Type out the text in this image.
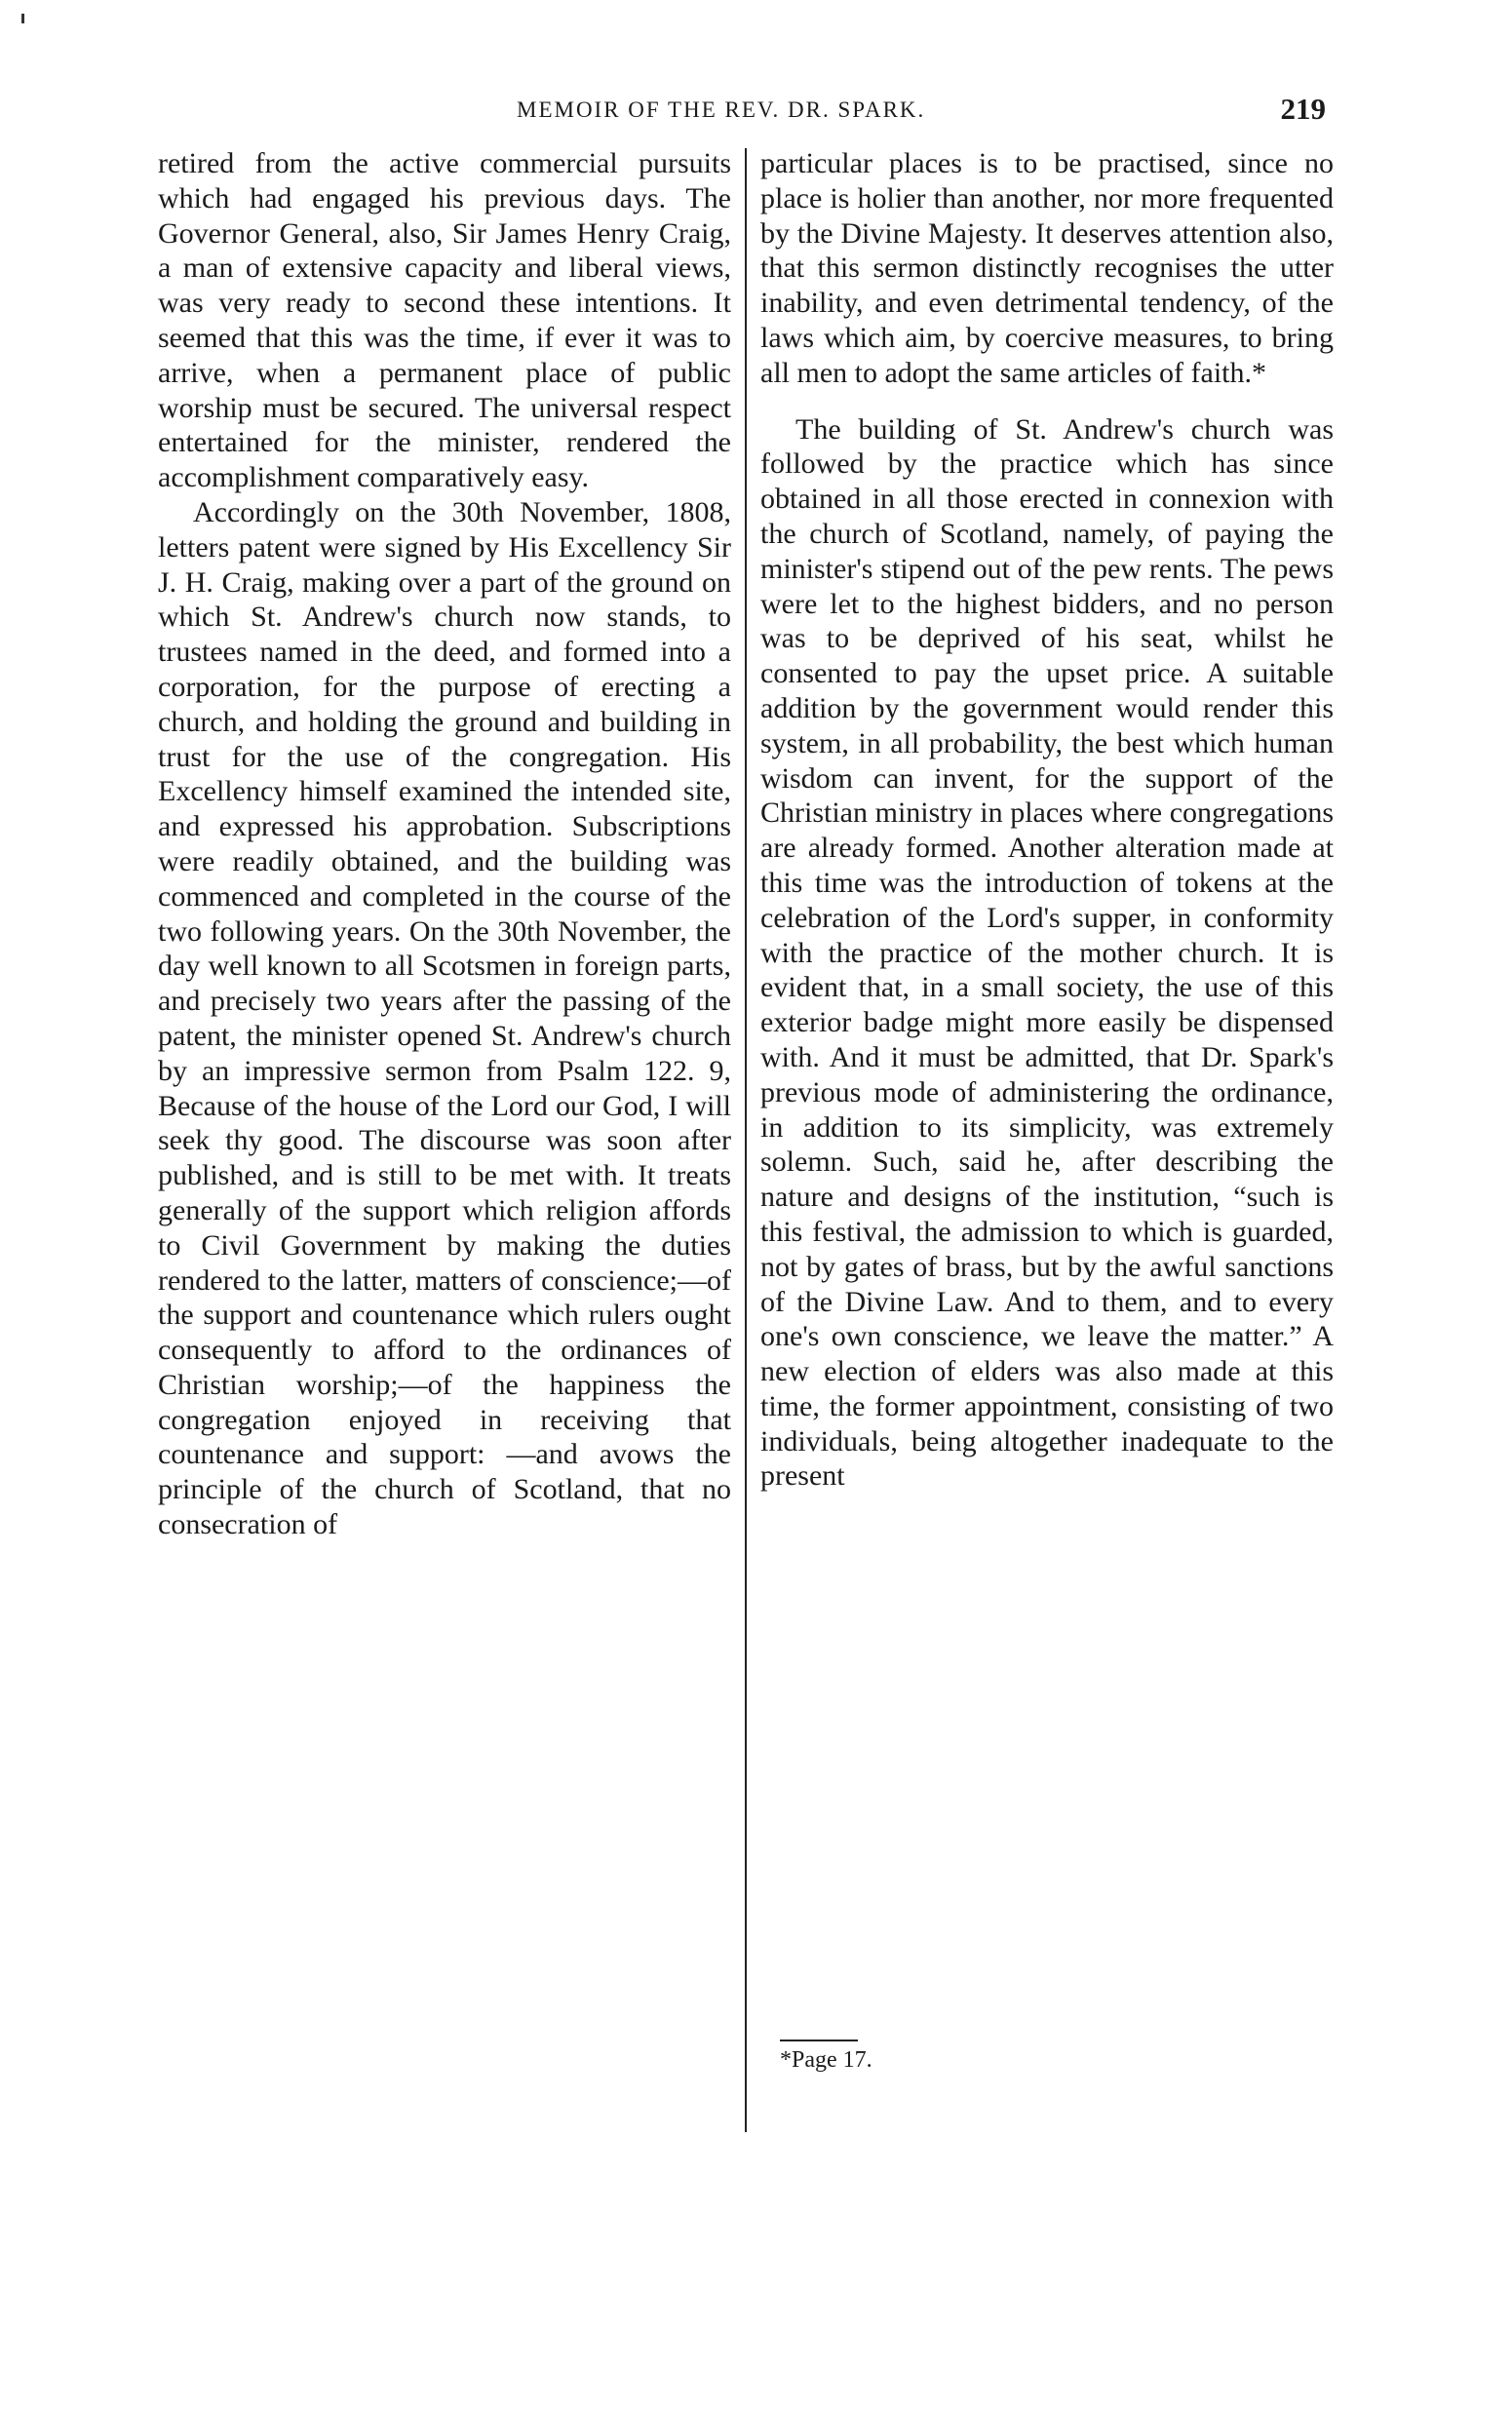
MEMOIR OF THE REV. DR. SPARK.	219

retired from the active commercial pursuits which had engaged his previous days. The Governor General, also, Sir James Henry Craig, a man of extensive capacity and liberal views, was very ready to second these intentions. It seemed that this was the time, if ever it was to arrive, when a permanent place of public worship must be secured. The universal respect entertained for the minister, rendered the accomplishment comparatively easy.

Accordingly on the 30th November, 1808, letters patent were signed by His Excellency Sir J. H. Craig, making over a part of the ground on which St. Andrew's church now stands, to trustees named in the deed, and formed into a corporation, for the purpose of erecting a church, and holding the ground and building in trust for the use of the congregation. His Excellency himself examined the intended site, and expressed his approbation. Subscriptions were readily obtained, and the building was commenced and completed in the course of the two following years. On the 30th November, the day well known to all Scotsmen in foreign parts, and precisely two years after the passing of the patent, the minister opened St. Andrew's church by an impressive sermon from Psalm 122. 9, Because of the house of the Lord our God, I will seek thy good. The discourse was soon after published, and is still to be met with. It treats generally of the support which religion affords to Civil Government by making the duties rendered to the latter, matters of conscience;—of the support and countenance which rulers ought consequently to afford to the ordinances of Christian worship;—of the happiness the congregation enjoyed in receiving that countenance and support: —and avows the principle of the church of Scotland, that no consecration of

particular places is to be practised, since no place is holier than another, nor more frequented by the Divine Majesty. It deserves attention also, that this sermon distinctly recognises the utter inability, and even detrimental tendency, of the laws which aim, by coercive measures, to bring all men to adopt the same articles of faith.*

The building of St. Andrew's church was followed by the practice which has since obtained in all those erected in connexion with the church of Scotland, namely, of paying the minister's stipend out of the pew rents. The pews were let to the highest bidders, and no person was to be deprived of his seat, whilst he consented to pay the upset price. A suitable addition by the government would render this system, in all probability, the best which human wisdom can invent, for the support of the Christian ministry in places where congregations are already formed. Another alteration made at this time was the introduction of tokens at the celebration of the Lord's supper, in conformity with the practice of the mother church. It is evident that, in a small society, the use of this exterior badge might more easily be dispensed with. And it must be admitted, that Dr. Spark's previous mode of administering the ordinance, in addition to its simplicity, was extremely solemn. Such, said he, after describing the nature and designs of the institution, “such is this festival, the admission to which is guarded, not by gates of brass, but by the awful sanctions of the Divine Law. And to them, and to every one's own conscience, we leave the matter.” A new election of elders was also made at this time, the former appointment, consisting of two individuals, being altogether inadequate to the present

*Page 17.
